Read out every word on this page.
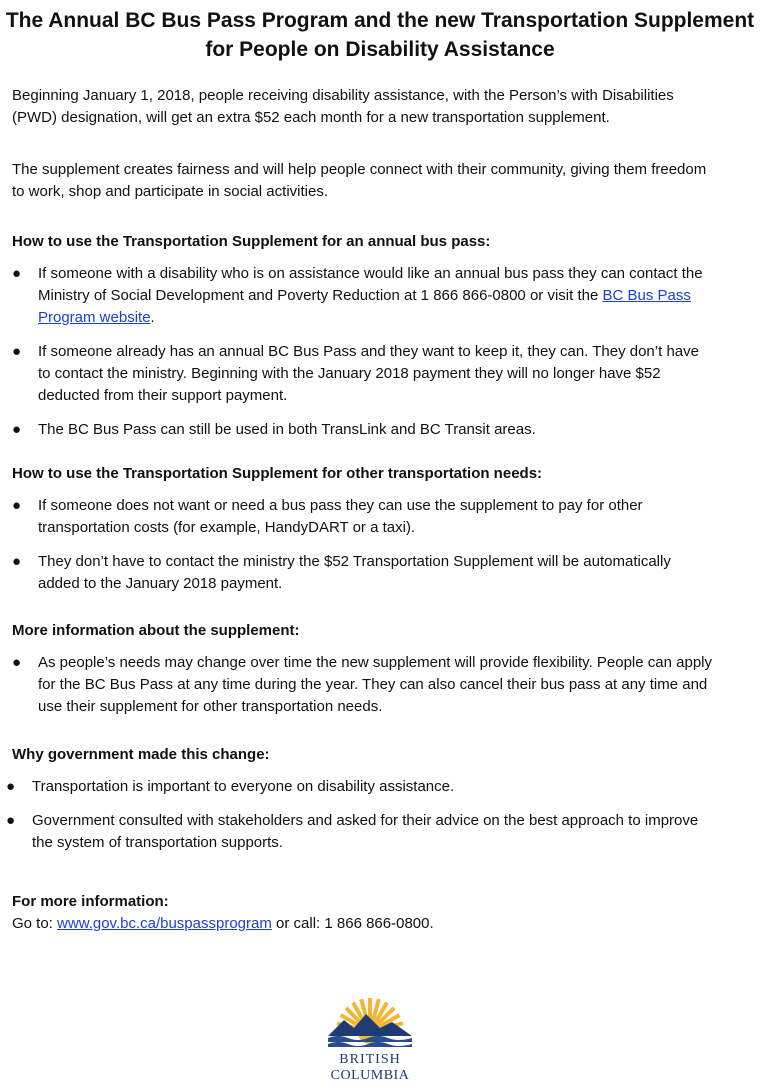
The Annual BC Bus Pass Program and the new Transportation Supplement for People on Disability Assistance

Beginning January 1, 2018, people receiving disability assistance, with the Person’s with Disabilities (PWD) designation, will get an extra $52 each month for a new transportation supplement.

The supplement creates fairness and will help people connect with their community, giving them freedom to work, shop and participate in social activities.

How to use the Transportation Supplement for an annual bus pass:

● If someone with a disability who is on assistance would like an annual bus pass they can contact the Ministry of Social Development and Poverty Reduction at 1 866 866-0800 or visit the BC Bus Pass Program website.
● If someone already has an annual BC Bus Pass and they want to keep it, they can. They don’t have to contact the ministry. Beginning with the January 2018 payment they will no longer have $52 deducted from their support payment.
● The BC Bus Pass can still be used in both TransLink and BC Transit areas.

How to use the Transportation Supplement for other transportation needs:

● If someone does not want or need a bus pass they can use the supplement to pay for other transportation costs (for example, HandyDART or a taxi).
● They don’t have to contact the ministry the $52 Transportation Supplement will be automatically added to the January 2018 payment.

More information about the supplement:

● As people’s needs may change over time the new supplement will provide flexibility. People can apply for the BC Bus Pass at any time during the year. They can also cancel their bus pass at any time and use their supplement for other transportation needs.

Why government made this change:

● Transportation is important to everyone on disability assistance.
● Government consulted with stakeholders and asked for their advice on the best approach to improve the system of transportation supports.

For more information:

Go to: www.gov.bc.ca/buspassprogram or call: 1 866 866-0800.

BRITISH
COLUMBIA
